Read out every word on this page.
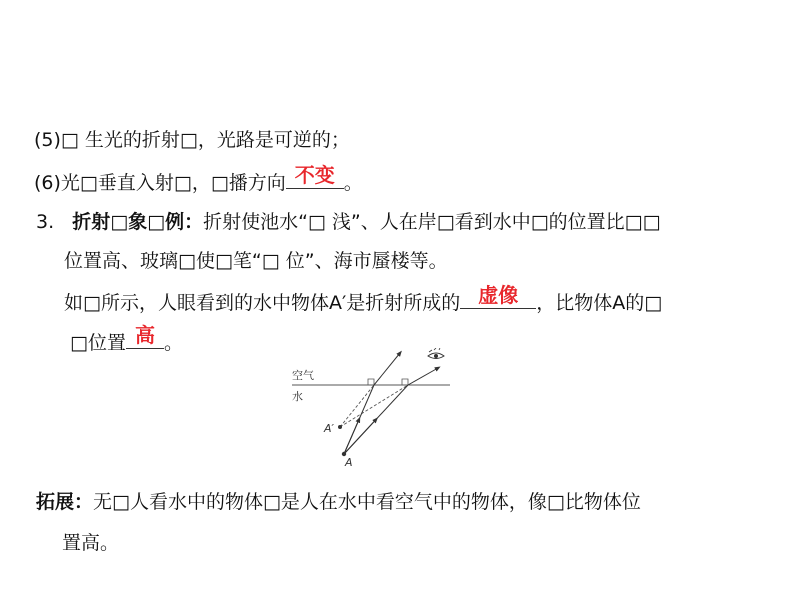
(5)□ 生光的折射□，光路是可逆的；
(6)光□垂直入射□，□播方向 不变 。
3. 折射□象□例：折射使池水“□ 浅”、人在岸□看到水中□的位置比□□
位置高、玻璃□使□笔“□ 位”、海市蜃楼等。
如□所示，人眼看到的水中物体A′是折射所成的 虚像 ，比物体A的□
□位置 高 。
空气
水
A′
A
拓展：无□人看水中的物体□是人在水中看空气中的物体，像□比物体位
置高。
